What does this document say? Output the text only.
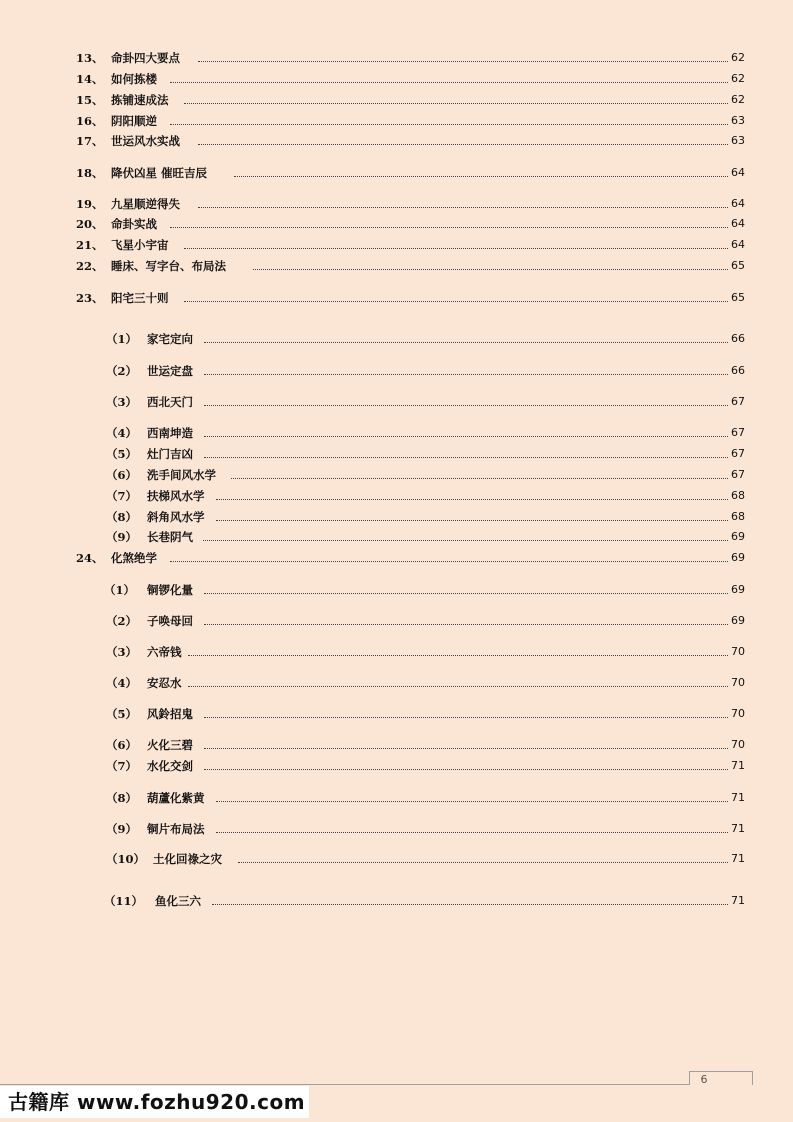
13、 命卦四大要点	62
14、 如何拣楼	62
15、 拣铺速成法	62
16、 阴阳顺逆	63
17、 世运风水实战	63
18、 降伏凶星 催旺吉辰	64
19、 九星顺逆得失	64
20、 命卦实战	64
21、 飞星小宇宙	64
22、 睡床、写字台、布局法	65
23、 阳宅三十则	65
（1） 家宅定向	66
（2） 世运定盘	66
（3） 西北天门	67
（4） 西南坤造	67
（5） 灶门吉凶	67
（6） 洗手间风水学	67
（7） 扶梯风水学	68
（8） 斜角风水学	68
（9） 长巷阴气	69
24、 化煞绝学	69
（1） 铜锣化量	69
（2） 子唤母回	69
（3） 六帝钱	70
（4） 安忍水	70
（5） 风鈴招鬼	70
（6） 火化三碧	70
（7） 水化交剑	71
（8） 葫蘆化紫黄	71
（9） 铜片布局法	71
（10） 土化回祿之灾	71
（11） 鱼化三六	71
6
古籍库 www.fozhu920.com
